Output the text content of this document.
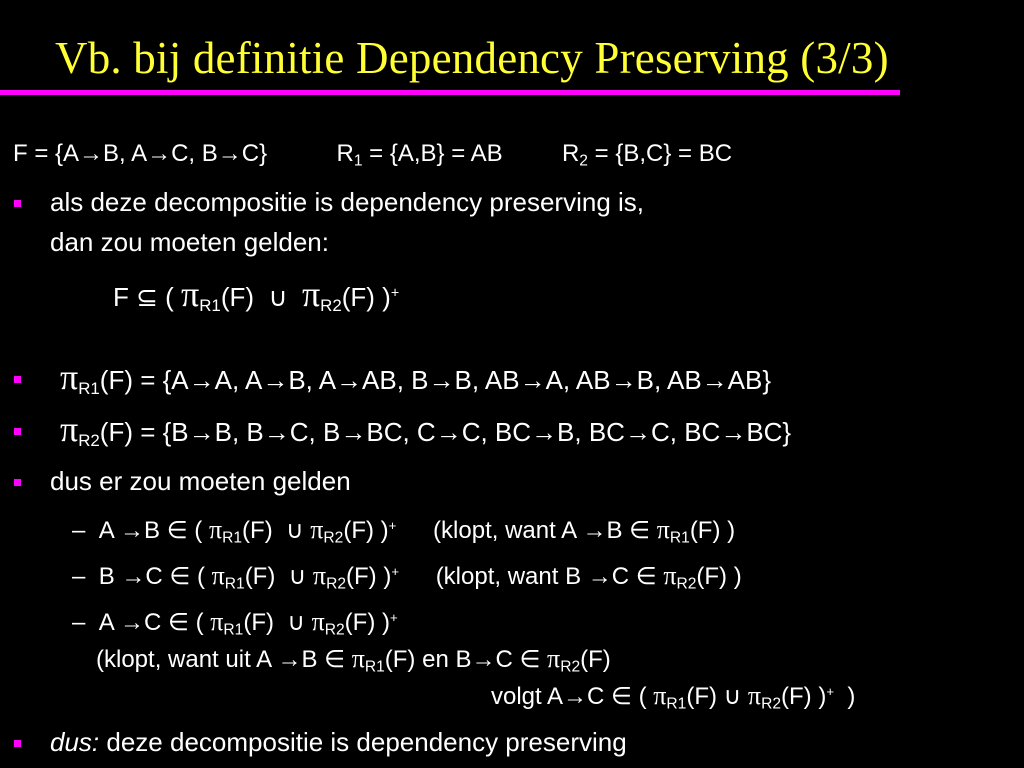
Vb. bij definitie Dependency Preserving (3/3)
F = {A→B, A→C, B→C}	$R_1 = \{A,B\}$ = AB $R_2 = \{B,C\}$ = BC
als deze decompositie is dependency preserving is,
dan zou moeten gelden:
F ⊆ ( $\pi_{R1}(F)$ ∪ $\pi_{R2}(F)$ )+
$\pi_{R1}(F) = \{A\to A$, A→B, A→AB, B→B, AB→A, AB→B, AB→AB}
$\pi_{R2}(F) = \{B\to B$, B→C, B→BC, C→C, BC→B, BC→C, BC→BC}
dus er zou moeten gelden
–  A →B ∈ ( $\pi_{R1}(F)$  ∪ $\pi_{R2}(F)$ )+ (klopt, want A →B ∈ $\pi_{R1}(F)$ )
–  B →C ∈ ( $\pi_{R1}(F)$  ∪ $\pi_{R2}(F)$ )+ (klopt, want B →C ∈ $\pi_{R2}(F)$ )
–  A →C ∈ ( $\pi_{R1}(F)$  ∪ $\pi_{R2}(F)$ )+
(klopt, want uit A →B ∈ $\pi_{R1}(F)$ en B→C ∈ $\pi_{R2}(F)$
volgt A→C ∈ ( $\pi_{R1}(F)$ ∪ $\pi_{R2}(F)$ )+  )
dus: deze decompositie is dependency preserving
